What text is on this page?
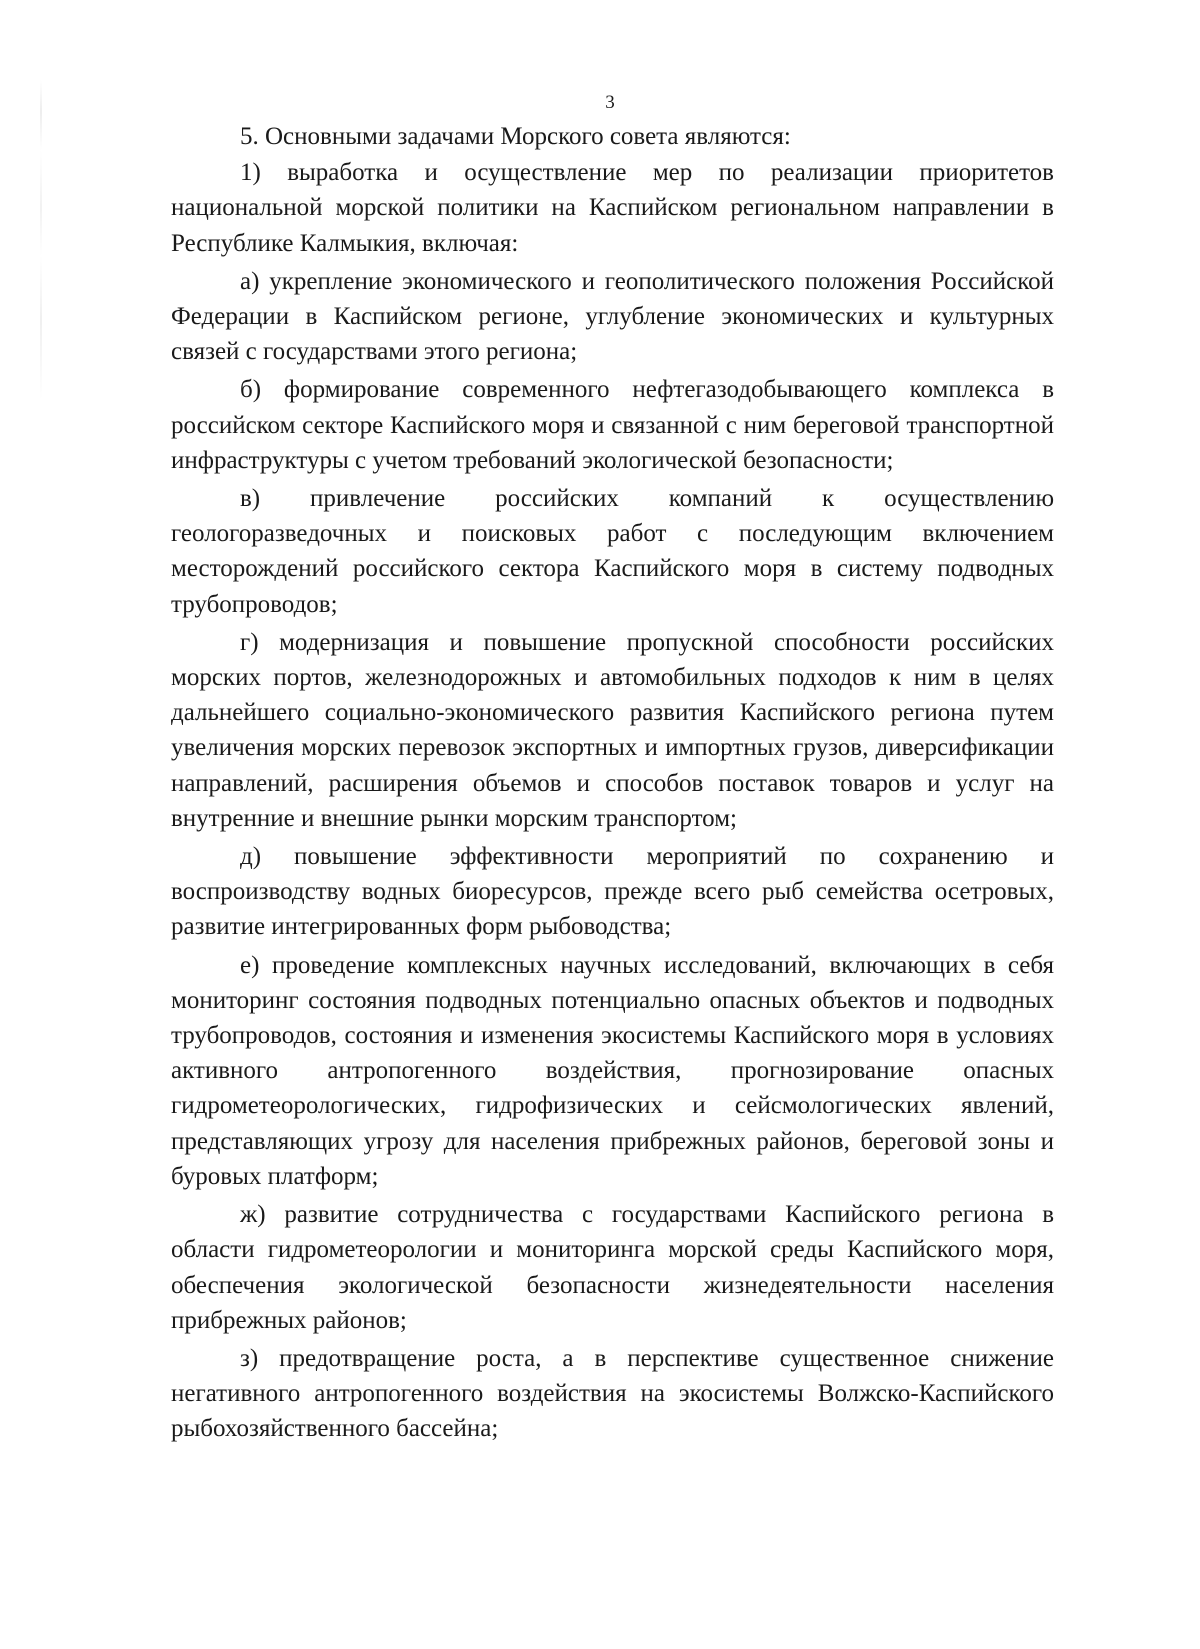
3

5. Основными задачами Морского совета являются:

1) выработка и осуществление мер по реализации приоритетов национальной морской политики на Каспийском региональном направлении в Республике Калмыкия, включая:

а) укрепление экономического и геополитического положения Российской Федерации в Каспийском регионе, углубление экономических и культурных связей с государствами этого региона;

б) формирование современного нефтегазодобывающего комплекса в российском секторе Каспийского моря и связанной с ним береговой транспортной инфраструктуры с учетом требований экологической безопасности;

в) привлечение российских компаний к осуществлению геологоразведочных и поисковых работ с последующим включением месторождений российского сектора Каспийского моря в систему подводных трубопроводов;

г) модернизация и повышение пропускной способности российских морских портов, железнодорожных и автомобильных подходов к ним в целях дальнейшего социально-экономического развития Каспийского региона путем увеличения морских перевозок экспортных и импортных грузов, диверсификации направлений, расширения объемов и способов поставок товаров и услуг на внутренние и внешние рынки морским транспортом;

д) повышение эффективности мероприятий по сохранению и воспроизводству водных биоресурсов, прежде всего рыб семейства осетровых, развитие интегрированных форм рыбоводства;

е) проведение комплексных научных исследований, включающих в себя мониторинг состояния подводных потенциально опасных объектов и подводных трубопроводов, состояния и изменения экосистемы Каспийского моря в условиях активного антропогенного воздействия, прогнозирование опасных гидрометеорологических, гидрофизических и сейсмологических явлений, представляющих угрозу для населения прибрежных районов, береговой зоны и буровых платформ;

ж) развитие сотрудничества с государствами Каспийского региона в области гидрометеорологии и мониторинга морской среды Каспийского моря, обеспечения экологической безопасности жизнедеятельности населения прибрежных районов;

з) предотвращение роста, а в перспективе существенное снижение негативного антропогенного воздействия на экосистемы Волжско-Каспийского рыбохозяйственного бассейна;
